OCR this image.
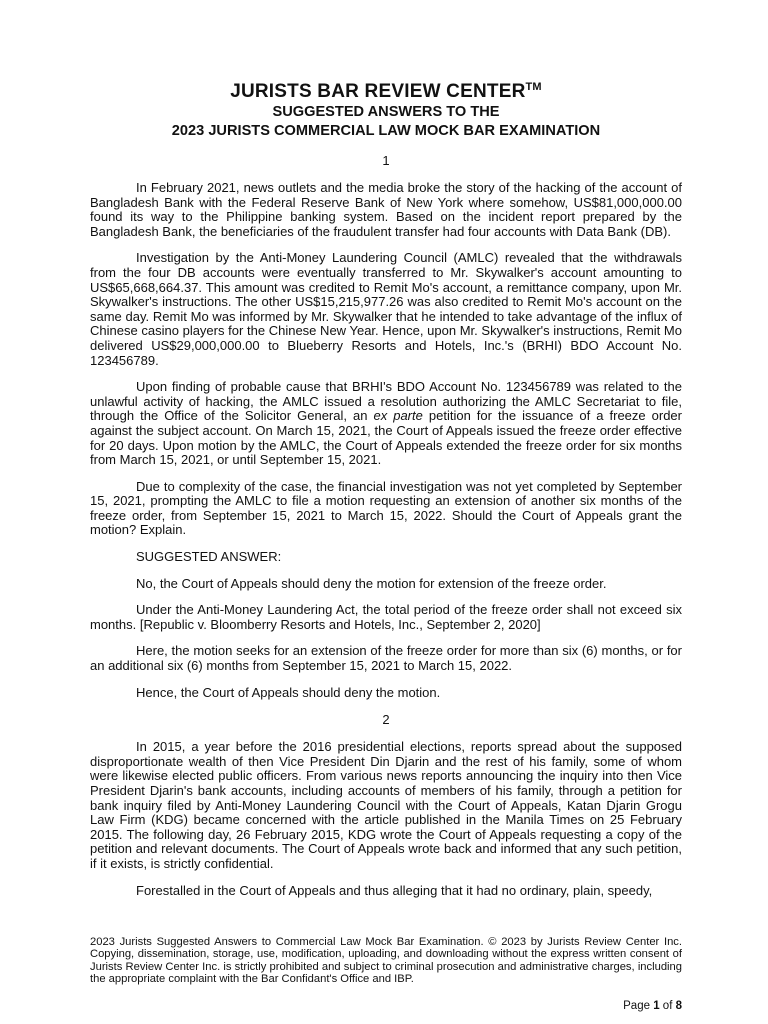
JURISTS BAR REVIEW CENTER™
SUGGESTED ANSWERS TO THE
2023 JURISTS COMMERCIAL LAW MOCK BAR EXAMINATION
1

In February 2021, news outlets and the media broke the story of the hacking of the account of Bangladesh Bank with the Federal Reserve Bank of New York where somehow, US$81,000,000.00 found its way to the Philippine banking system. Based on the incident report prepared by the Bangladesh Bank, the beneficiaries of the fraudulent transfer had four accounts with Data Bank (DB).

Investigation by the Anti-Money Laundering Council (AMLC) revealed that the withdrawals from the four DB accounts were eventually transferred to Mr. Skywalker's account amounting to US$65,668,664.37. This amount was credited to Remit Mo's account, a remittance company, upon Mr. Skywalker's instructions. The other US$15,215,977.26 was also credited to Remit Mo's account on the same day. Remit Mo was informed by Mr. Skywalker that he intended to take advantage of the influx of Chinese casino players for the Chinese New Year. Hence, upon Mr. Skywalker's instructions, Remit Mo delivered US$29,000,000.00 to Blueberry Resorts and Hotels, Inc.'s (BRHI) BDO Account No. 123456789.

Upon finding of probable cause that BRHI's BDO Account No. 123456789 was related to the unlawful activity of hacking, the AMLC issued a resolution authorizing the AMLC Secretariat to file, through the Office of the Solicitor General, an ex parte petition for the issuance of a freeze order against the subject account. On March 15, 2021, the Court of Appeals issued the freeze order effective for 20 days. Upon motion by the AMLC, the Court of Appeals extended the freeze order for six months from March 15, 2021, or until September 15, 2021.

Due to complexity of the case, the financial investigation was not yet completed by September 15, 2021, prompting the AMLC to file a motion requesting an extension of another six months of the freeze order, from September 15, 2021 to March 15, 2022. Should the Court of Appeals grant the motion? Explain.

SUGGESTED ANSWER:

No, the Court of Appeals should deny the motion for extension of the freeze order.

Under the Anti-Money Laundering Act, the total period of the freeze order shall not exceed six months. [Republic v. Bloomberry Resorts and Hotels, Inc., September 2, 2020]

Here, the motion seeks for an extension of the freeze order for more than six (6) months, or for an additional six (6) months from September 15, 2021 to March 15, 2022.

Hence, the Court of Appeals should deny the motion.

2

In 2015, a year before the 2016 presidential elections, reports spread about the supposed disproportionate wealth of then Vice President Din Djarin and the rest of his family, some of whom were likewise elected public officers. From various news reports announcing the inquiry into then Vice President Djarin's bank accounts, including accounts of members of his family, through a petition for bank inquiry filed by Anti-Money Laundering Council with the Court of Appeals, Katan Djarin Grogu Law Firm (KDG) became concerned with the article published in the Manila Times on 25 February 2015. The following day, 26 February 2015, KDG wrote the Court of Appeals requesting a copy of the petition and relevant documents. The Court of Appeals wrote back and informed that any such petition, if it exists, is strictly confidential.

Forestalled in the Court of Appeals and thus alleging that it had no ordinary, plain, speedy,

2023 Jurists Suggested Answers to Commercial Law Mock Bar Examination. © 2023 by Jurists Review Center Inc. Copying, dissemination, storage, use, modification, uploading, and downloading without the express written consent of Jurists Review Center Inc. is strictly prohibited and subject to criminal prosecution and administrative charges, including the appropriate complaint with the Bar Confidant's Office and IBP.
Page 1 of 8
